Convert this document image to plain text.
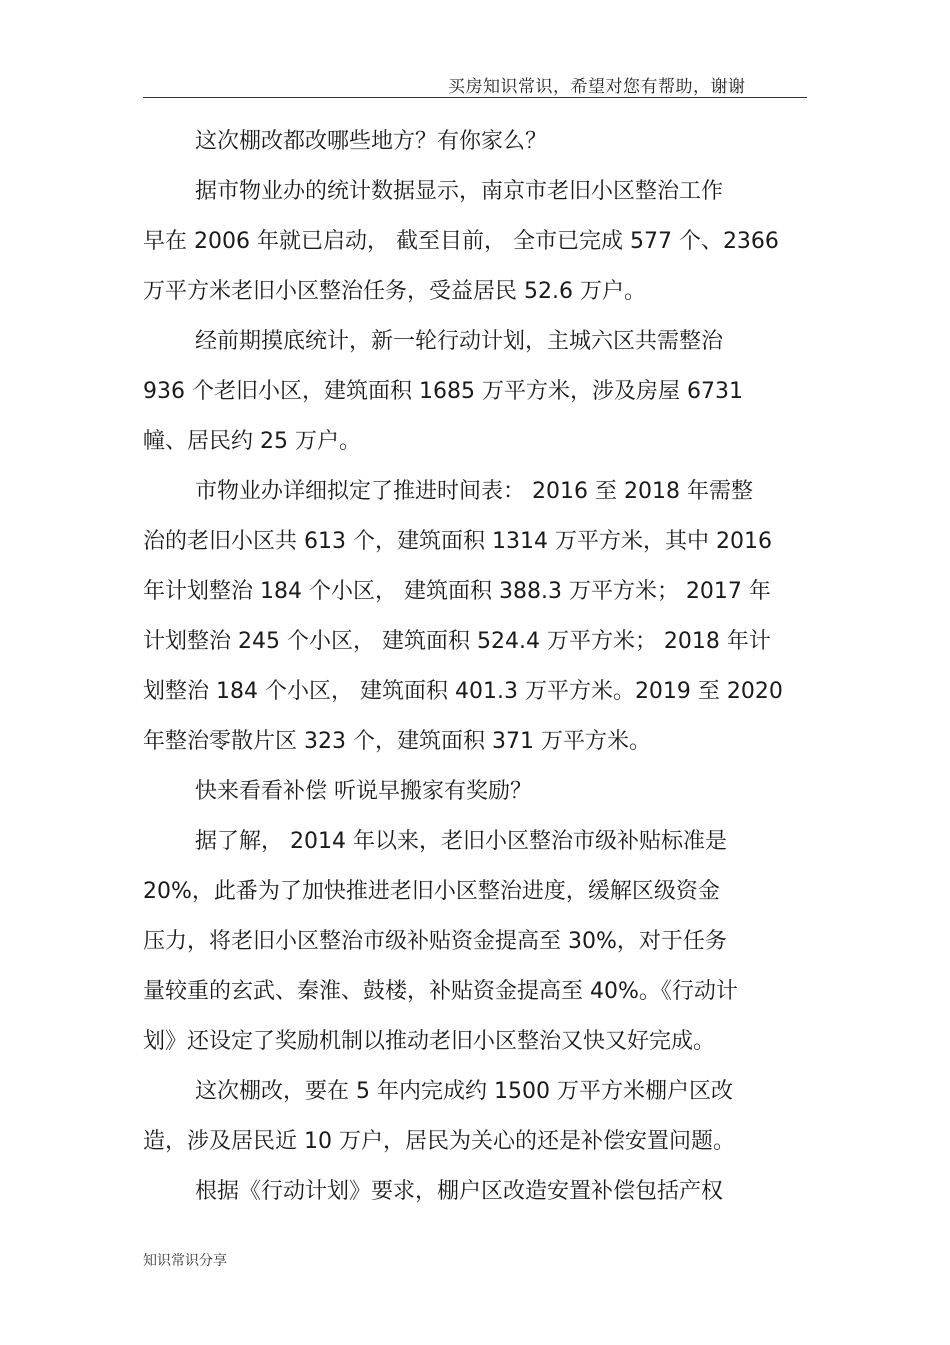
买房知识常识，希望对您有帮助，谢谢
这次棚改都改哪些地方？有你家么？
据市物业办的统计数据显示，南京市老旧小区整治工作
早在 2006 年就已启动， 截至目前， 全市已完成 577 个、2366
万平方米老旧小区整治任务，受益居民 52.6 万户。
经前期摸底统计，新一轮行动计划，主城六区共需整治
936 个老旧小区，建筑面积 1685 万平方米，涉及房屋 6731
幢、居民约 25 万户。
市物业办详细拟定了推进时间表： 2016 至 2018 年需整
治的老旧小区共 613 个，建筑面积 1314 万平方米，其中 2016
年计划整治 184 个小区， 建筑面积 388.3 万平方米； 2017 年
计划整治 245 个小区， 建筑面积 524.4 万平方米； 2018 年计
划整治 184 个小区， 建筑面积 401.3 万平方米。2019 至 2020
年整治零散片区 323 个，建筑面积 371 万平方米。
快来看看补偿 听说早搬家有奖励？
据了解， 2014 年以来，老旧小区整治市级补贴标准是
20%，此番为了加快推进老旧小区整治进度，缓解区级资金
压力，将老旧小区整治市级补贴资金提高至 30%，对于任务
量较重的玄武、秦淮、鼓楼，补贴资金提高至 40%。《行动计
划》还设定了奖励机制以推动老旧小区整治又快又好完成。
这次棚改，要在 5 年内完成约 1500 万平方米棚户区改
造，涉及居民近 10 万户，居民为关心的还是补偿安置问题。
根据《行动计划》要求，棚户区改造安置补偿包括产权
知识常识分享
